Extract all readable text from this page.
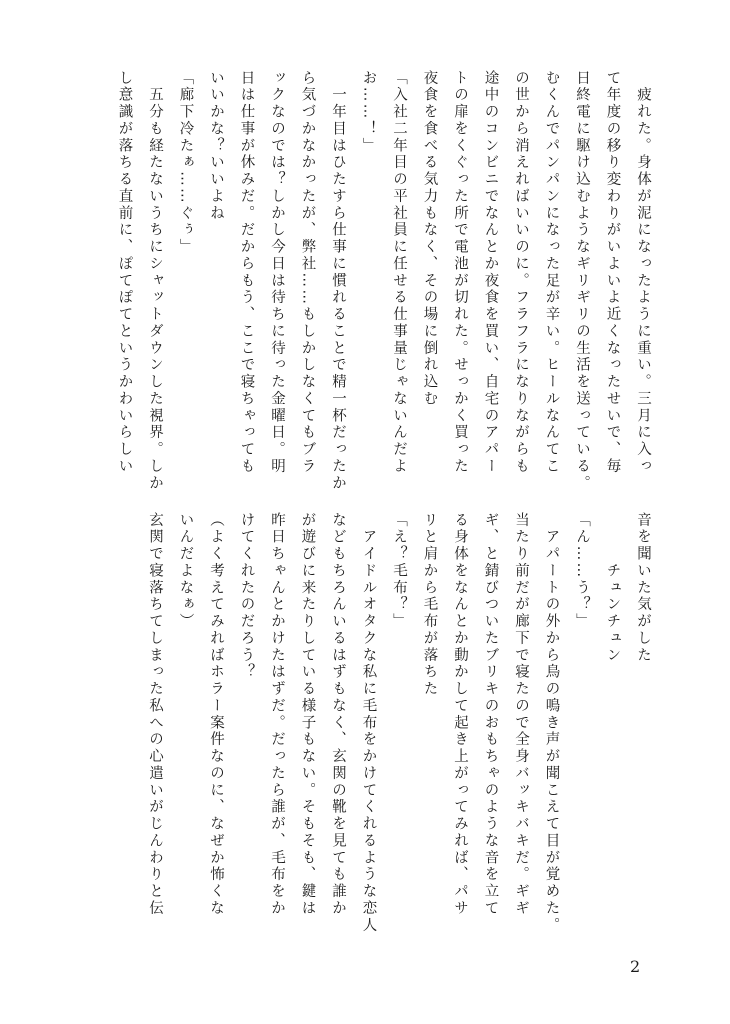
　疲れた。身体が泥になったように重い。三月に入っ
て年度の移り変わりがいよいよ近くなったせいで、毎
日終電に駆け込むようなギリギリの生活を送っている。
むくんでパンパンになった足が辛い。ヒールなんてこ
の世から消えればいいのに。フラフラになりながらも
途中のコンビニでなんとか夜食を買い、自宅のアパー
トの扉をくぐった所で電池が切れた。せっかく買った
夜食を食べる気力もなく、その場に倒れ込む
「入社二年目の平社員に任せる仕事量じゃないんだよ
お……！」
　一年目はひたすら仕事に慣れることで精一杯だったか
ら気づかなかったが、弊社……もしかしなくてもブラ
ックなのでは？しかし今日は待ちに待った金曜日。明
日は仕事が休みだ。だからもう、ここで寝ちゃっても
いいかな？いいよね
「廊下冷たぁ……ぐぅ」
　五分も経たないうちにシャットダウンした視界。しか
し意識が落ちる直前に、ぽてぽてというかわいらしい
音を聞いた気がした
　　　チュンチュン
「ん……う？」
　アパートの外から鳥の鳴き声が聞こえて目が覚めた。
当たり前だが廊下で寝たので全身バッキバキだ。ギギ
ギ、と錆びついたブリキのおもちゃのような音を立て
る身体をなんとか動かして起き上がってみれば、パサ
リと肩から毛布が落ちた
「え？毛布？」
　アイドルオタクな私に毛布をかけてくれるような恋人
などもちろんいるはずもなく、玄関の靴を見ても誰か
が遊びに来たりしている様子もない。そもそも、鍵は
昨日ちゃんとかけたはずだ。だったら誰が、毛布をか
けてくれたのだろう？
（よく考えてみればホラー案件なのに、なぜか怖くな
いんだよなぁ）
玄関で寝落ちてしまった私への心遣いがじんわりと伝
2
